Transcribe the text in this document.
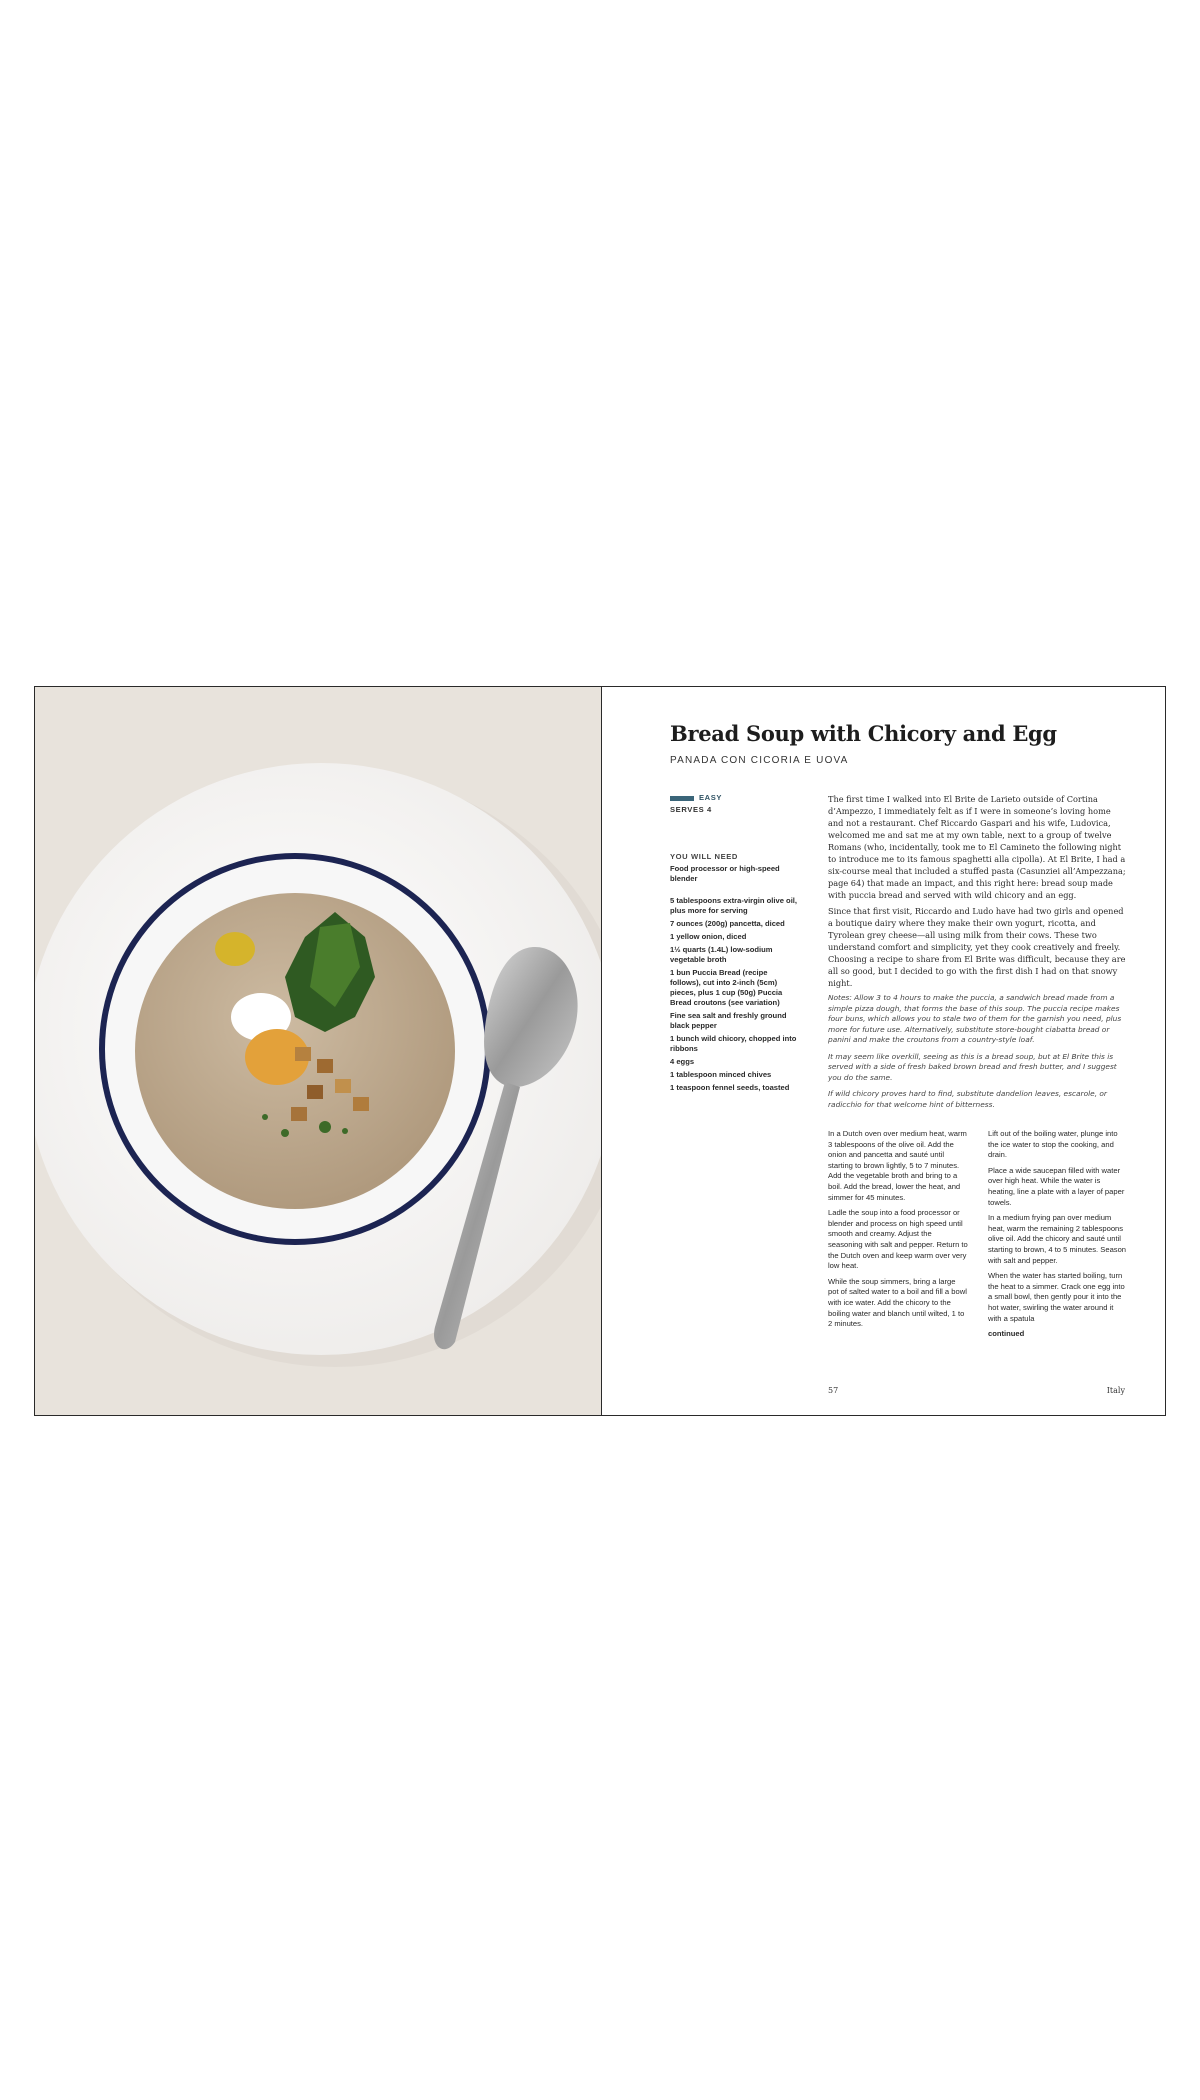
Bread Soup with Chicory and Egg
PANADA CON CICORIA E UOVA
EASY
SERVES 4
YOU WILL NEED
Food processor or high-speed blender
5 tablespoons extra-virgin olive oil, plus more for serving
7 ounces (200g) pancetta, diced
1 yellow onion, diced
1½ quarts (1.4L) low-sodium vegetable broth
1 bun Puccia Bread (recipe follows), cut into 2-inch (5cm) pieces, plus 1 cup (50g) Puccia Bread croutons (see variation)
Fine sea salt and freshly ground black pepper
1 bunch wild chicory, chopped into ribbons
4 eggs
1 tablespoon minced chives
1 teaspoon fennel seeds, toasted

The first time I walked into El Brite de Larieto outside of Cortina d’Ampezzo, I immediately felt as if I were in someone’s loving home and not a restaurant. Chef Riccardo Gaspari and his wife, Ludovica, welcomed me and sat me at my own table, next to a group of twelve Romans (who, incidentally, took me to El Camineto the following night to introduce me to its famous spaghetti alla cipolla). At El Brite, I had a six-course meal that included a stuffed pasta (Casunziei all’Ampezzana; page 64) that made an impact, and this right here: bread soup made with puccia bread and served with wild chicory and an egg.

Since that first visit, Riccardo and Ludo have had two girls and opened a boutique dairy where they make their own yogurt, ricotta, and Tyrolean grey cheese—all using milk from their cows. These two understand comfort and simplicity, yet they cook creatively and freely. Choosing a recipe to share from El Brite was difficult, because they are all so good, but I decided to go with the first dish I had on that snowy night.

Notes: Allow 3 to 4 hours to make the puccia, a sandwich bread made from a simple pizza dough, that forms the base of this soup. The puccia recipe makes four buns, which allows you to stale two of them for the garnish you need, plus more for future use. Alternatively, substitute store-bought ciabatta bread or panini and make the croutons from a country-style loaf.

It may seem like overkill, seeing as this is a bread soup, but at El Brite this is served with a side of fresh baked brown bread and fresh butter, and I suggest you do the same.

If wild chicory proves hard to find, substitute dandelion leaves, escarole, or radicchio for that welcome hint of bitterness.

In a Dutch oven over medium heat, warm 3 tablespoons of the olive oil. Add the onion and pancetta and sauté until starting to brown lightly, 5 to 7 minutes. Add the vegetable broth and bring to a boil. Add the bread, lower the heat, and simmer for 45 minutes.

Ladle the soup into a food processor or blender and process on high speed until smooth and creamy. Adjust the seasoning with salt and pepper. Return to the Dutch oven and keep warm over very low heat.

While the soup simmers, bring a large pot of salted water to a boil and fill a bowl with ice water. Add the chicory to the boiling water and blanch until wilted, 1 to 2 minutes.

Lift out of the boiling water, plunge into the ice water to stop the cooking, and drain.

Place a wide saucepan filled with water over high heat. While the water is heating, line a plate with a layer of paper towels.

In a medium frying pan over medium heat, warm the remaining 2 tablespoons olive oil. Add the chicory and sauté until starting to brown, 4 to 5 minutes. Season with salt and pepper.

When the water has started boiling, turn the heat to a simmer. Crack one egg into a small bowl, then gently pour it into the hot water, swirling the water around it with a spatula

continued

57	Italy
